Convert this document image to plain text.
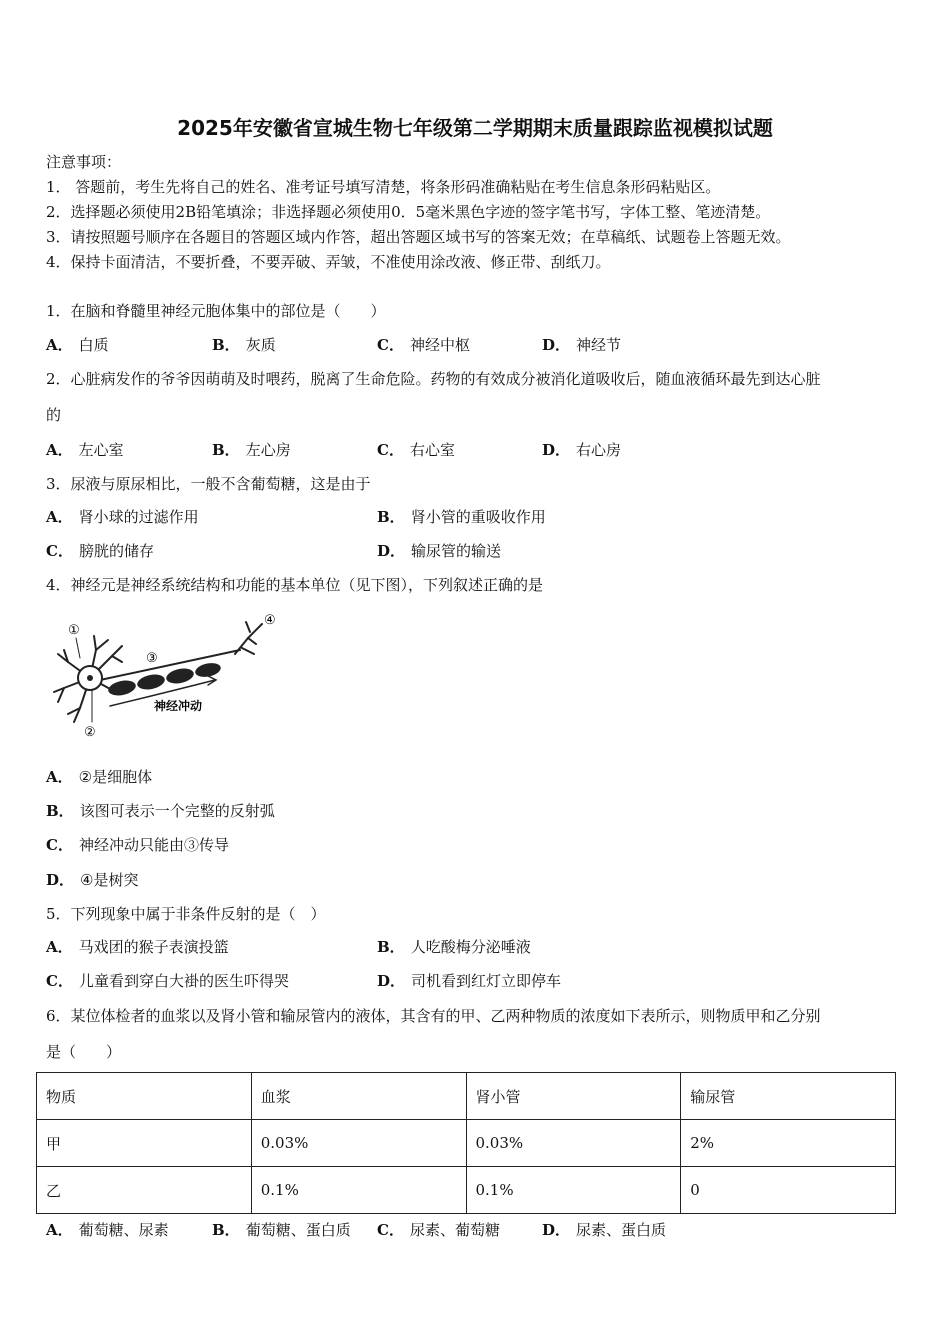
2025年安徽省宣城生物七年级第二学期期末质量跟踪监视模拟试题
注意事项：
1． 答题前，考生先将自己的姓名、准考证号填写清楚，将条形码准确粘贴在考生信息条形码粘贴区。
2．选择题必须使用2B铅笔填涂；非选择题必须使用0．5毫米黑色字迹的签字笔书写，字体工整、笔迹清楚。
3．请按照题号顺序在各题目的答题区域内作答，超出答题区域书写的答案无效；在草稿纸、试题卷上答题无效。
4．保持卡面清洁，不要折叠，不要弄破、弄皱，不准使用涂改液、修正带、刮纸刀。
1．在脑和脊髓里神经元胞体集中的部位是（　　）
A． 白质	B． 灰质	C． 神经中枢	D． 神经节
2．心脏病发作的爷爷因萌萌及时喂药，脱离了生命危险。药物的有效成分被消化道吸收后，随血液循环最先到达心脏
的
A． 左心室	B． 左心房	C． 右心室	D． 右心房
3．尿液与原尿相比，一般不含葡萄糖，这是由于
A． 肾小球的过滤作用	B． 肾小管的重吸收作用
C． 膀胱的储存	D． 输尿管的输送
4．神经元是神经系统结构和功能的基本单位（见下图），下列叙述正确的是
①
②
③
④
神经冲动
A． ②是细胞体
B． 该图可表示一个完整的反射弧
C． 神经冲动只能由③传导
D． ④是树突
5．下列现象中属于非条件反射的是（　）
A． 马戏团的猴子表演投篮	B． 人吃酸梅分泌唾液
C． 儿童看到穿白大褂的医生吓得哭	D． 司机看到红灯立即停车
6．某位体检者的血浆以及肾小管和输尿管内的液体，其含有的甲、乙两种物质的浓度如下表所示，则物质甲和乙分别
是（　　）
物质	血浆	肾小管	输尿管
甲	0.03%	0.03%	2%
乙	0.1%	0.1%	0
A． 葡萄糖、尿素	B． 葡萄糖、蛋白质 C． 尿素、葡萄糖	D． 尿素、蛋白质
